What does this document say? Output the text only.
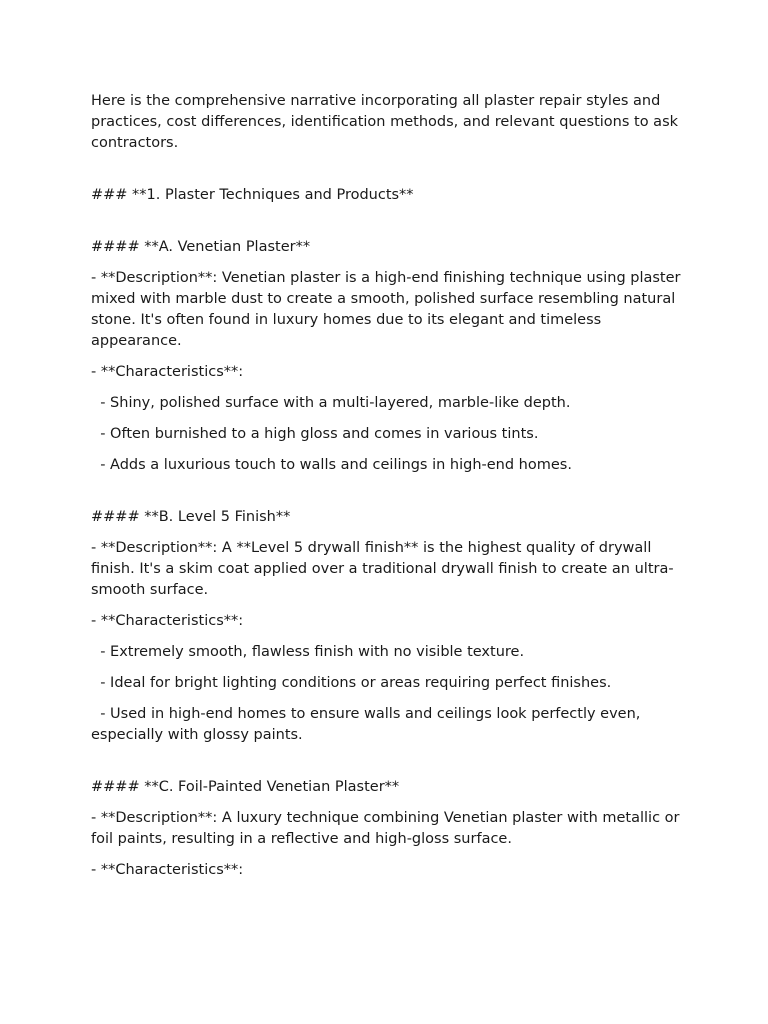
Here is the comprehensive narrative incorporating all plaster repair styles and practices, cost differences, identification methods, and relevant questions to ask contractors.

### **1. Plaster Techniques and Products**

#### **A. Venetian Plaster**

- **Description**: Venetian plaster is a high-end finishing technique using plaster mixed with marble dust to create a smooth, polished surface resembling natural stone. It's often found in luxury homes due to its elegant and timeless appearance.

- **Characteristics**:

- Shiny, polished surface with a multi-layered, marble-like depth.

- Often burnished to a high gloss and comes in various tints.

- Adds a luxurious touch to walls and ceilings in high-end homes.

#### **B. Level 5 Finish**

- **Description**: A **Level 5 drywall finish** is the highest quality of drywall finish. It's a skim coat applied over a traditional drywall finish to create an ultra-smooth surface.

- **Characteristics**:

- Extremely smooth, flawless finish with no visible texture.

- Ideal for bright lighting conditions or areas requiring perfect finishes.

- Used in high-end homes to ensure walls and ceilings look perfectly even, especially with glossy paints.

#### **C. Foil-Painted Venetian Plaster**

- **Description**: A luxury technique combining Venetian plaster with metallic or foil paints, resulting in a reflective and high-gloss surface.

- **Characteristics**:
